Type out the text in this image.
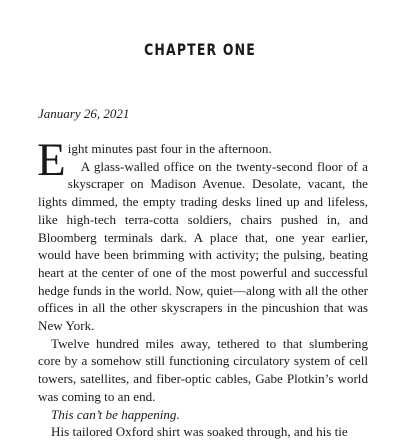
CHAPTER ONE
January 26, 2021

Eight minutes past four in the afternoon.

A glass-walled office on the twenty-second floor of a skyscraper on Madison Avenue. Desolate, vacant, the lights dimmed, the empty trading desks lined up and lifeless, like high-tech terra-cotta soldiers, chairs pushed in, and Bloomberg terminals dark. A place that, one year earlier, would have been brimming with activity; the pulsing, beating heart at the center of one of the most powerful and successful hedge funds in the world. Now, quiet—along with all the other offices in all the other skyscrapers in the pincushion that was New York.

Twelve hundred miles away, tethered to that slumbering core by a somehow still functioning circulatory system of cell towers, satellites, and fiber-optic cables, Gabe Plotkin’s world was coming to an end.

This can’t be happening.

His tailored Oxford shirt was soaked through, and his tie
